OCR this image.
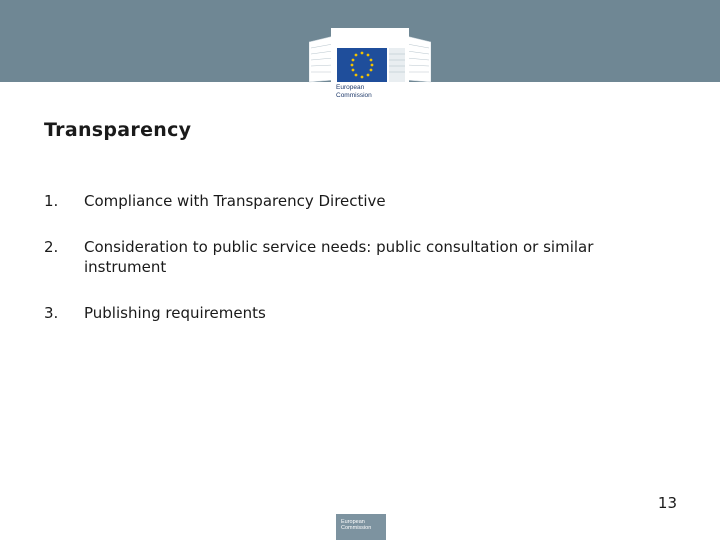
European
Commission
Transparency
1.	Compliance with Transparency Directive
2.	Consideration to public service needs: public consultation or similar instrument
3.	Publishing requirements
13
European Commission
